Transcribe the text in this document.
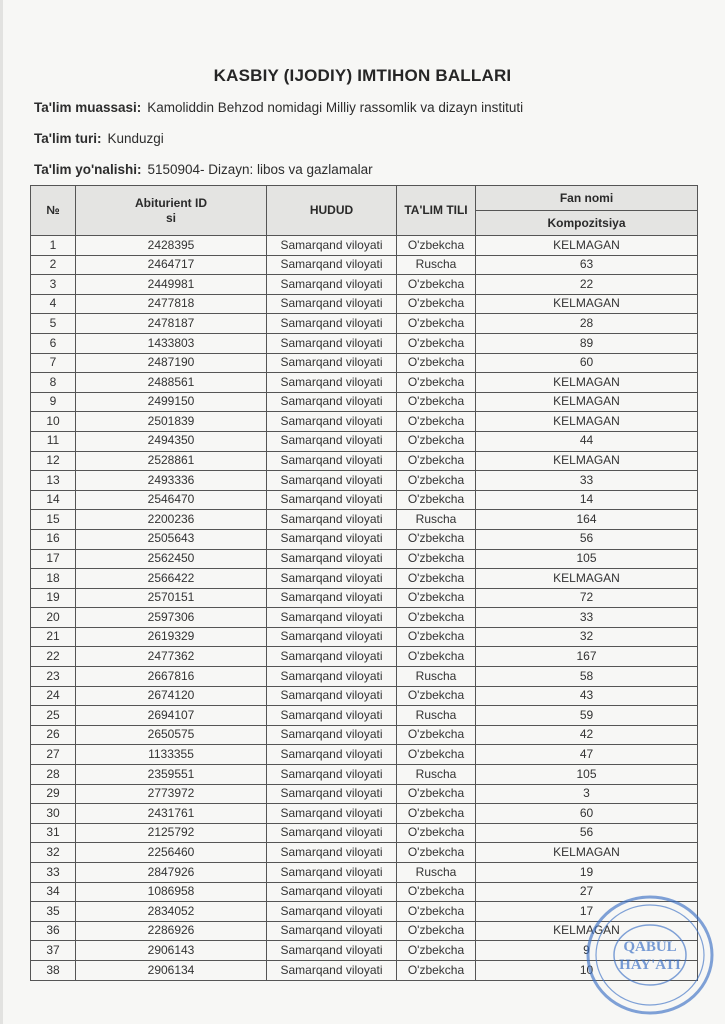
KASBIY (IJODIY) IMTIHON BALLARI
Ta'lim muassasi: Kamoliddin Behzod nomidagi Milliy rassomlik va dizayn instituti
Ta'lim turi: Kunduzgi
Ta'lim yo'nalishi: 5150904- Dizayn: libos va gazlamalar
№	Abiturient ID si	HUDUD	TA'LIM TILI	Fan nomi
				Kompozitsiya
1	2428395	Samarqand viloyati	O'zbekcha	KELMAGAN
2	2464717	Samarqand viloyati	Ruscha	63
3	2449981	Samarqand viloyati	O'zbekcha	22
4	2477818	Samarqand viloyati	O'zbekcha	KELMAGAN
5	2478187	Samarqand viloyati	O'zbekcha	28
6	1433803	Samarqand viloyati	O'zbekcha	89
7	2487190	Samarqand viloyati	O'zbekcha	60
8	2488561	Samarqand viloyati	O'zbekcha	KELMAGAN
9	2499150	Samarqand viloyati	O'zbekcha	KELMAGAN
10	2501839	Samarqand viloyati	O'zbekcha	KELMAGAN
11	2494350	Samarqand viloyati	O'zbekcha	44
12	2528861	Samarqand viloyati	O'zbekcha	KELMAGAN
13	2493336	Samarqand viloyati	O'zbekcha	33
14	2546470	Samarqand viloyati	O'zbekcha	14
15	2200236	Samarqand viloyati	Ruscha	164
16	2505643	Samarqand viloyati	O'zbekcha	56
17	2562450	Samarqand viloyati	O'zbekcha	105
18	2566422	Samarqand viloyati	O'zbekcha	KELMAGAN
19	2570151	Samarqand viloyati	O'zbekcha	72
20	2597306	Samarqand viloyati	O'zbekcha	33
21	2619329	Samarqand viloyati	O'zbekcha	32
22	2477362	Samarqand viloyati	O'zbekcha	167
23	2667816	Samarqand viloyati	Ruscha	58
24	2674120	Samarqand viloyati	O'zbekcha	43
25	2694107	Samarqand viloyati	Ruscha	59
26	2650575	Samarqand viloyati	O'zbekcha	42
27	1133355	Samarqand viloyati	O'zbekcha	47
28	2359551	Samarqand viloyati	Ruscha	105
29	2773972	Samarqand viloyati	O'zbekcha	3
30	2431761	Samarqand viloyati	O'zbekcha	60
31	2125792	Samarqand viloyati	O'zbekcha	56
32	2256460	Samarqand viloyati	O'zbekcha	KELMAGAN
33	2847926	Samarqand viloyati	Ruscha	19
34	1086958	Samarqand viloyati	O'zbekcha	27
35	2834052	Samarqand viloyati	O'zbekcha	17
36	2286926	Samarqand viloyati	O'zbekcha	KELMAGAN
37	2906143	Samarqand viloyati	O'zbekcha	9
38	2906134	Samarqand viloyati	O'zbekcha	10
QABUL
HAY'ATI
